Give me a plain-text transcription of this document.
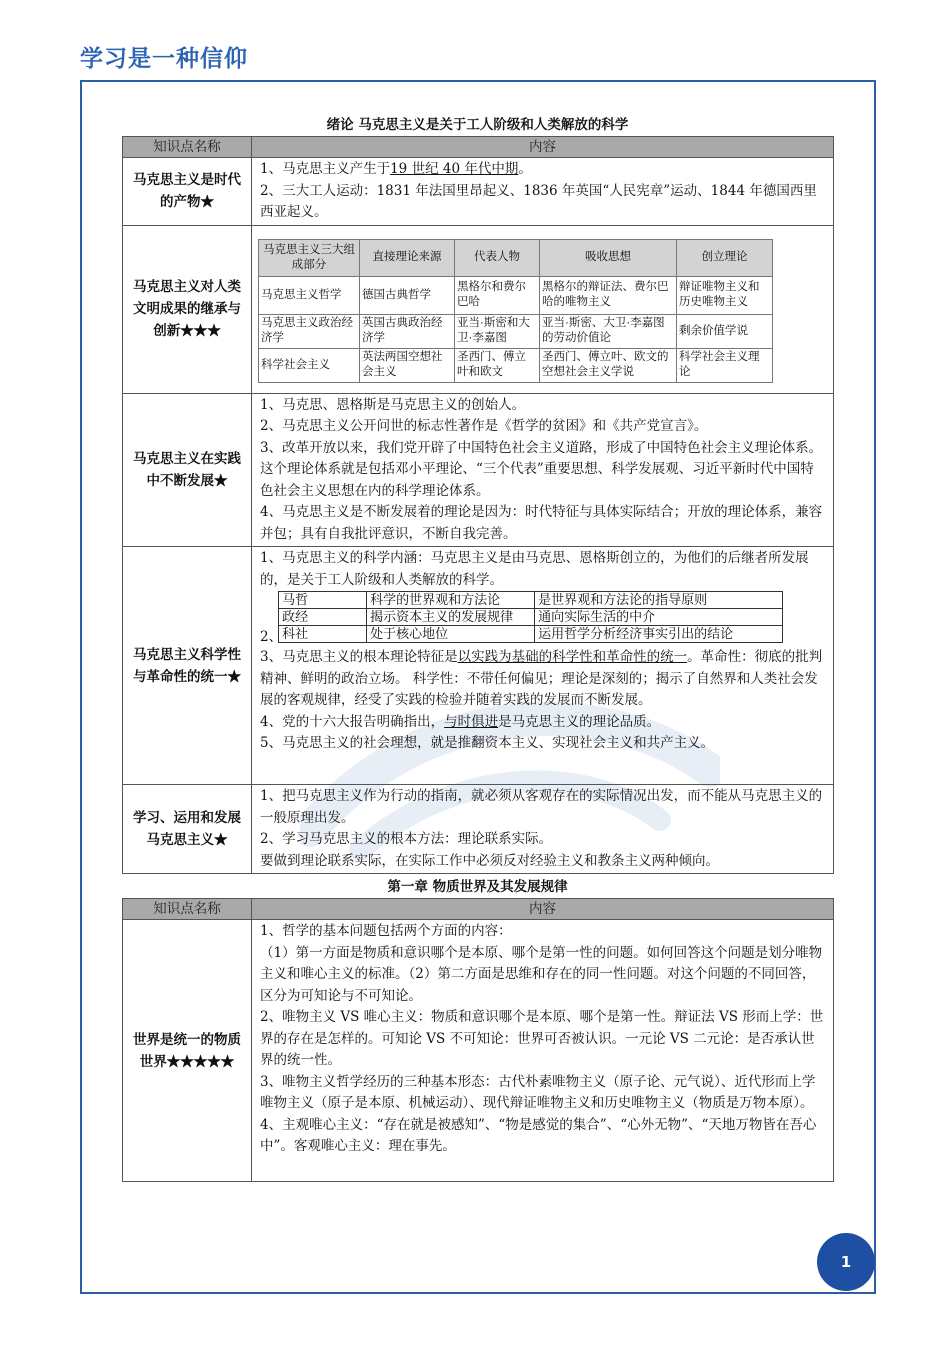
学习是一种信仰
绪论 马克思主义是关于工人阶级和人类解放的科学
知识点名称	内容
马克思主义是时代的产物★	

1、马克思主义产生于19 世纪 40 年代中期。

2、三大工人运动：1831 年法国里昂起义、1836 年英国“人民宪章”运动、1844 年德国西里西亚起义。

马克思主义对人类文明成果的继承与创新★★★	
马克思主义三大组成部分	直接理论来源	代表人物	吸收思想	创立理论
马克思主义哲学	德国古典哲学	黑格尔和费尔巴哈	黑格尔的辩证法、费尔巴哈的唯物主义	辩证唯物主义和历史唯物主义
马克思主义政治经济学	英国古典政治经济学	亚当·斯密和大卫·李嘉图	亚当·斯密、大卫·李嘉图的劳动价值论	剩余价值学说
科学社会主义	英法两国空想社会主义	圣西门、傅立叶和欧文	圣西门、傅立叶、欧文的空想社会主义学说	科学社会主义理论

马克思主义在实践中不断发展★	

1、马克思、恩格斯是马克思主义的创始人。

2、马克思主义公开问世的标志性著作是《哲学的贫困》和《共产党宣言》。

3、改革开放以来，我们党开辟了中国特色社会主义道路，形成了中国特色社会主义理论体系。这个理论体系就是包括邓小平理论、“三个代表”重要思想、科学发展观、习近平新时代中国特色社会主义思想在内的科学理论体系。

4、马克思主义是不断发展着的理论是因为：时代特征与具体实际结合；开放的理论体系，兼容并包；具有自我批评意识，不断自我完善。

马克思主义科学性与革命性的统一★	

1、马克思主义的科学内涵：马克思主义是由马克思、恩格斯创立的，为他们的后继者所发展的，是关于工人阶级和人类解放的科学。

2、
马哲	科学的世界观和方法论	是世界观和方法论的指导原则
政经	揭示资本主义的发展规律	通向实际生活的中介
科社	处于核心地位	运用哲学分析经济事实引出的结论

3、马克思主义的根本理论特征是以实践为基础的科学性和革命性的统一。革命性：彻底的批判精神、鲜明的政治立场。 科学性：不带任何偏见；理论是深刻的；揭示了自然界和人类社会发展的客观规律，经受了实践的检验并随着实践的发展而不断发展。

4、党的十六大报告明确指出，与时俱进是马克思主义的理论品质。

5、马克思主义的社会理想，就是推翻资本主义、实现社会主义和共产主义。

学习、运用和发展马克思主义★	

1、把马克思主义作为行动的指南，就必须从客观存在的实际情况出发，而不能从马克思主义的一般原理出发。

2、学习马克思主义的根本方法：理论联系实际。

要做到理论联系实际，在实际工作中必须反对经验主义和教条主义两种倾向。

第一章 物质世界及其发展规律
知识点名称	内容
世界是统一的物质世界★★★★★	1、哲学的基本问题包括两个方面的内容：

（1）第一方面是物质和意识哪个是本原、哪个是第一性的问题。如何回答这个问题是划分唯物主义和唯心主义的标准。（2）第二方面是思维和存在的同一性问题。对这个问题的不同回答，区分为可知论与不可知论。

2、唯物主义 VS 唯心主义：物质和意识哪个是本原、哪个是第一性。辩证法 VS 形而上学：世界的存在是怎样的。可知论 VS 不可知论：世界可否被认识。一元论 VS 二元论：是否承认世界的统一性。

3、唯物主义哲学经历的三种基本形态：古代朴素唯物主义（原子论、元气说）、近代形而上学唯物主义（原子是本原、机械运动）、现代辩证唯物主义和历史唯物主义（物质是万物本原）。

4、主观唯心主义：“存在就是被感知”、“物是感觉的集合”、“心外无物”、“天地万物皆在吾心中”。客观唯心主义：理在事先。

1
